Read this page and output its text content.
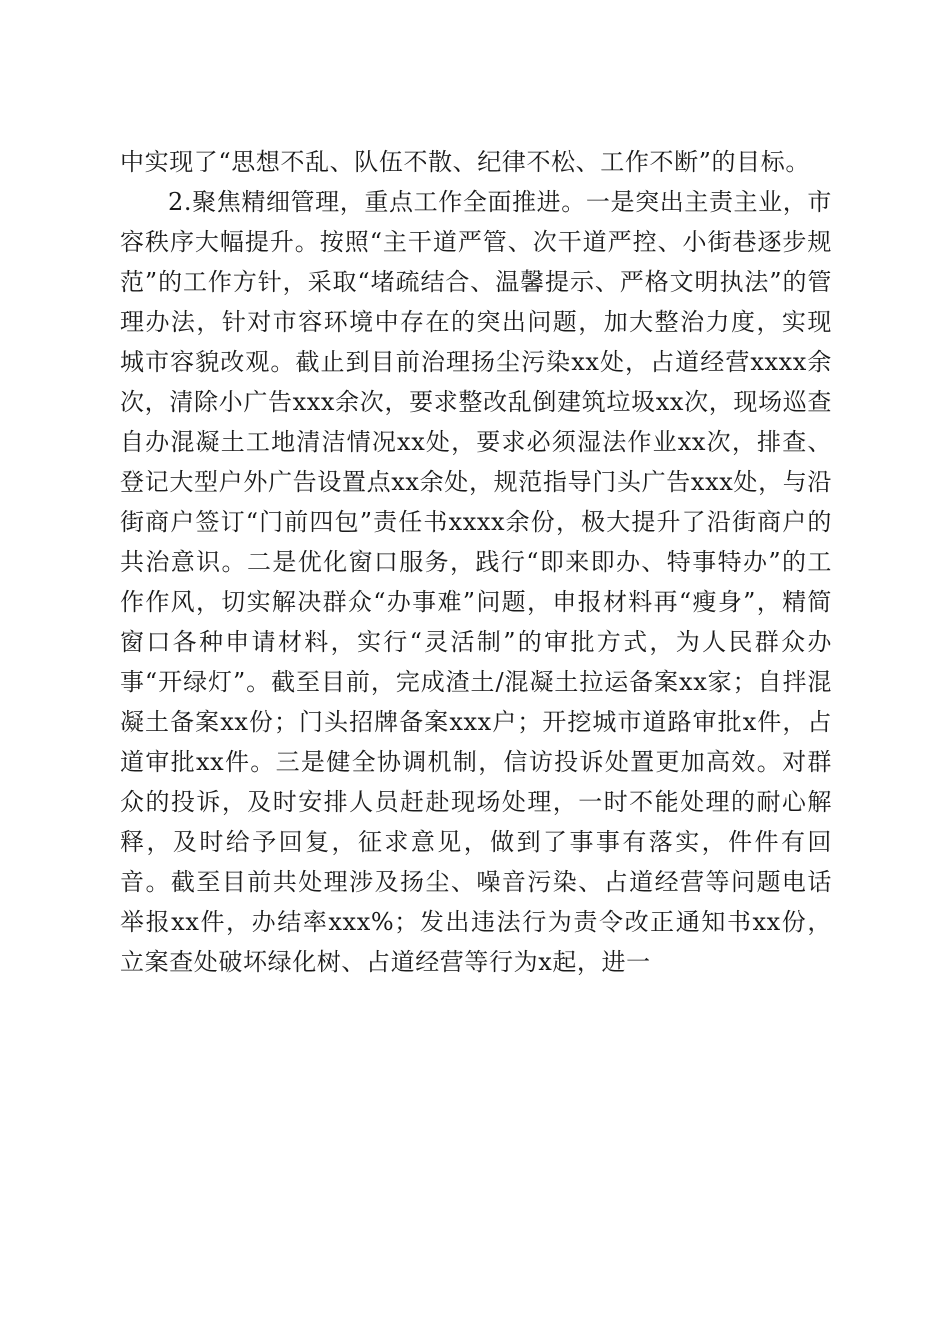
中实现了“思想不乱、队伍不散、纪律不松、工作不断”的目标。

2.聚焦精细管理，重点工作全面推进。一是突出主责主业，市容秩序大幅提升。按照“主干道严管、次干道严控、小街巷逐步规范”的工作方针，采取“堵疏结合、温馨提示、严格文明执法”的管理办法，针对市容环境中存在的突出问题，加大整治力度，实现城市容貌改观。截止到目前治理扬尘污染xx处，占道经营xxxx余次，清除小广告xxx余次，要求整改乱倒建筑垃圾xx次，现场巡查自办混凝土工地清洁情况xx处，要求必须湿法作业xx次，排查、登记大型户外广告设置点xx余处，规范指导门头广告xxx处，与沿街商户签订“门前四包”责任书xxxx余份，极大提升了沿街商户的共治意识。二是优化窗口服务，践行“即来即办、特事特办”的工作作风，切实解决群众“办事难”问题，申报材料再“瘦身”，精简窗口各种申请材料，实行“灵活制”的审批方式，为人民群众办事“开绿灯”。截至目前，完成渣土/混凝土拉运备案xx家；自拌混凝土备案xx份；门头招牌备案xxx户；开挖城市道路审批x件，占道审批xx件。三是健全协调机制，信访投诉处置更加高效。对群众的投诉，及时安排人员赶赴现场处理，一时不能处理的耐心解释，及时给予回复，征求意见，做到了事事有落实，件件有回音。截至目前共处理涉及扬尘、噪音污染、占道经营等问题电话举报xx件，办结率xxx%；发出违法行为责令改正通知书xx份，立案查处破坏绿化树、占道经营等行为x起，进一
